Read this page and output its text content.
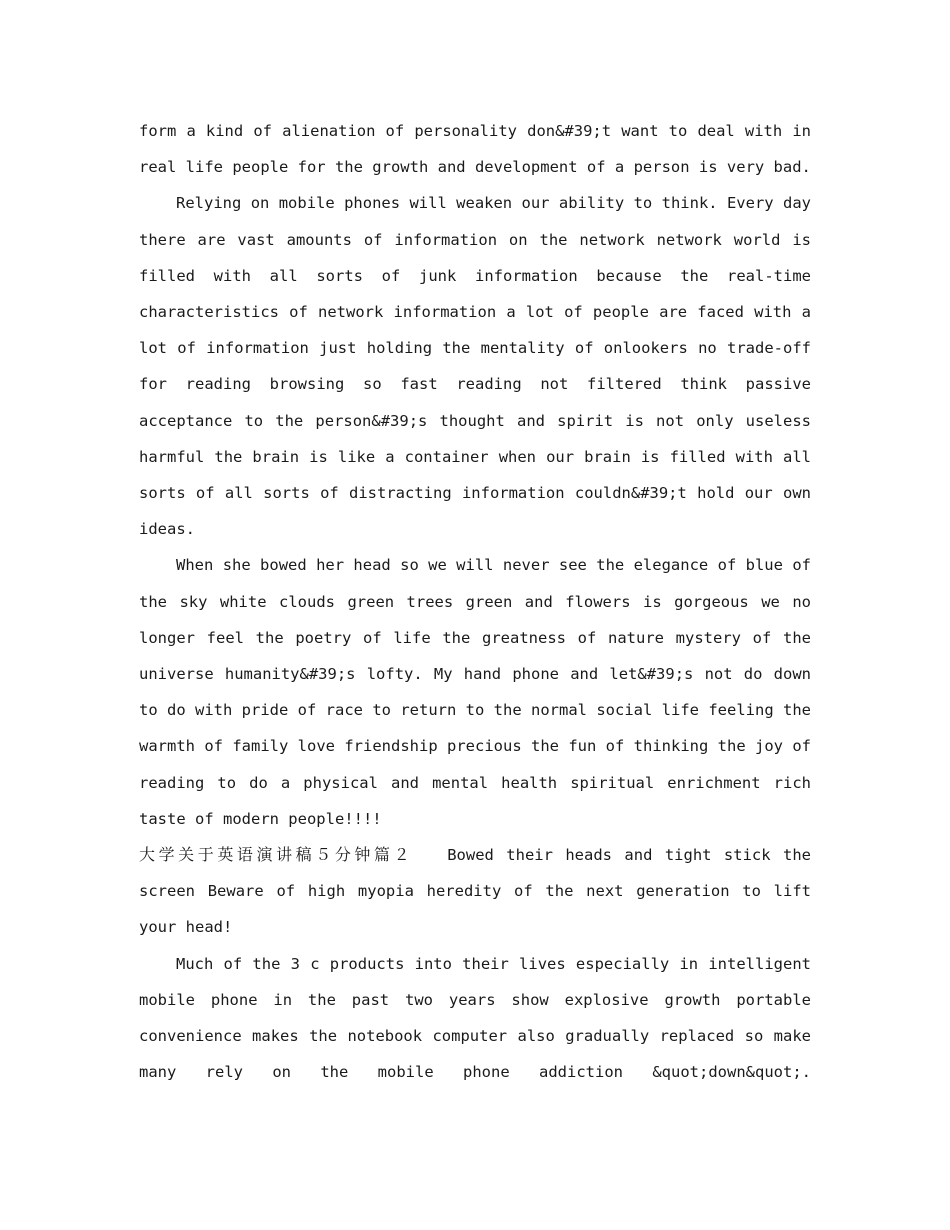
form a kind of alienation of personality don&#39;t want to deal with in real life people for the growth and development of a person is very bad.

Relying on mobile phones will weaken our ability to think. Every day there are vast amounts of information on the network network world is filled with all sorts of junk information because the real-time characteristics of network information a lot of people are faced with a lot of information just holding the mentality of onlookers no trade-off for reading browsing so fast reading not filtered think passive acceptance to the person&#39;s thought and spirit is not only useless harmful the brain is like a container when our brain is filled with all sorts of all sorts of distracting information couldn&#39;t hold our own ideas.

When she bowed her head so we will never see the elegance of blue of the sky white clouds green trees green and flowers is gorgeous we no longer feel the poetry of life the greatness of nature mystery of the universe humanity&#39;s lofty. My hand phone and let&#39;s not do down to do with pride of race to return to the normal social life feeling the warmth of family love friendship precious the fun of thinking the joy of reading to do a physical and mental health spiritual enrichment rich taste of modern people!!!!

大学关于英语演讲稿５分钟篇２ Bowed their heads and tight stick the screen Beware of high myopia heredity of the next generation to lift your head!

Much of the 3 c products into their lives especially in intelligent mobile phone in the past two years show explosive growth portable convenience makes the notebook computer also gradually replaced so make many rely on the mobile phone addiction &quot;down&quot;.
